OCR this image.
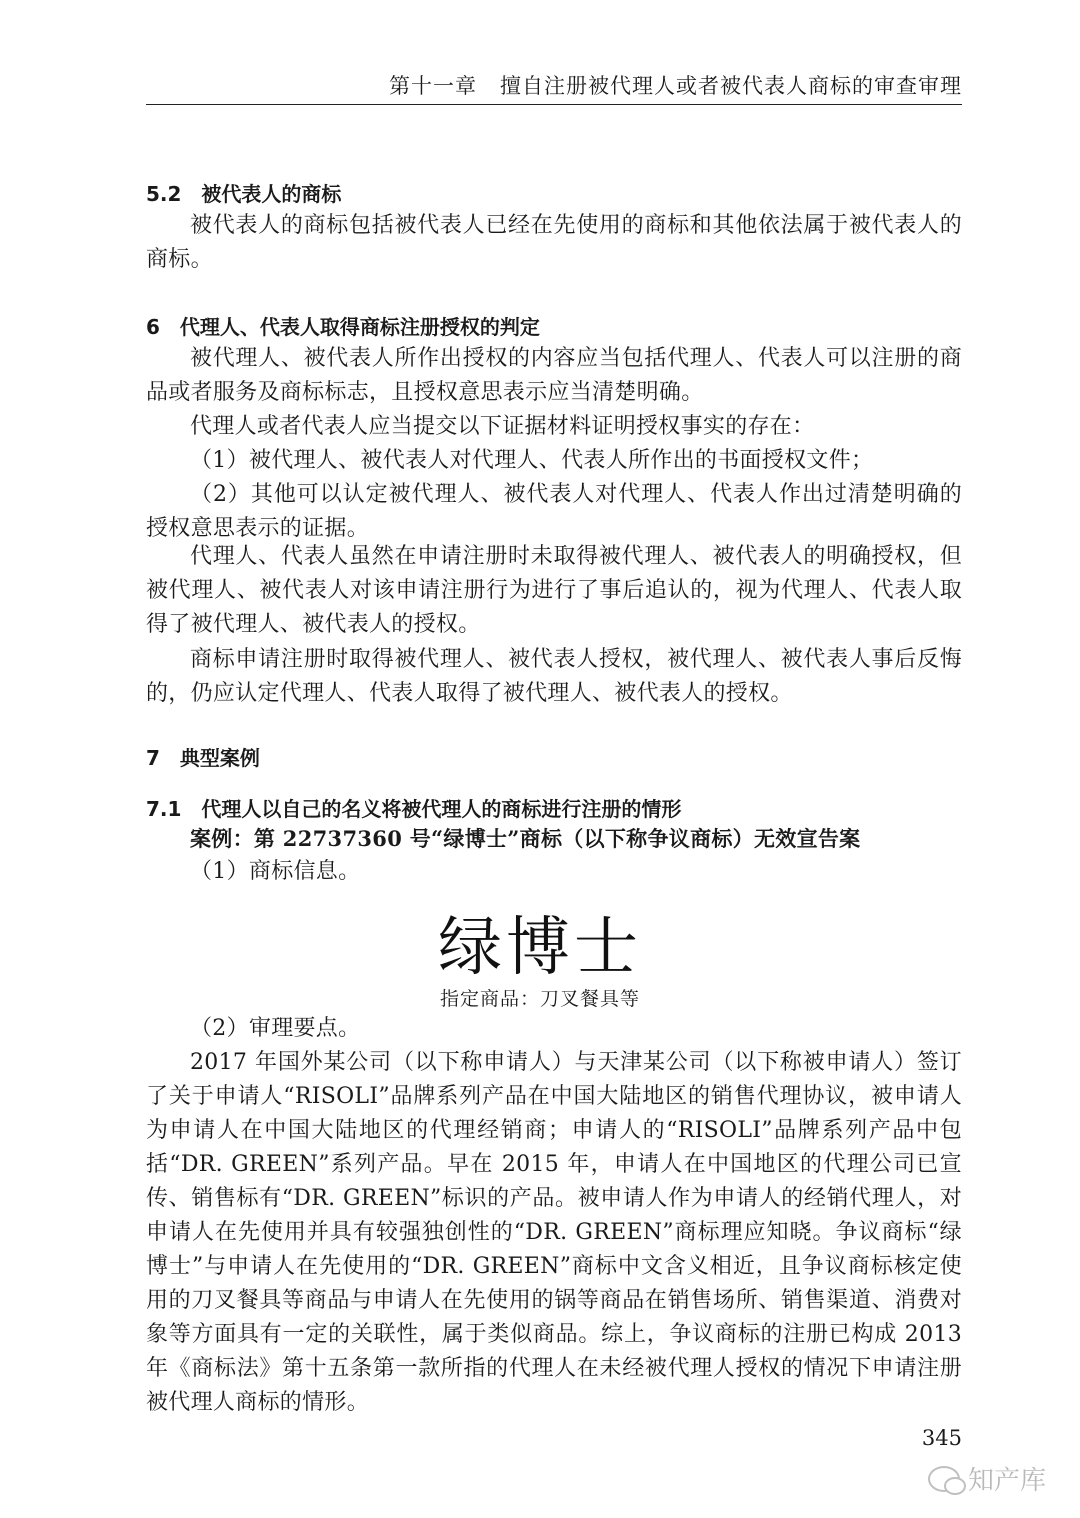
第十一章 擅自注册被代理人或者被代表人商标的审查审理
5.2　被代表人的商标

被代表人的商标包括被代表人已经在先使用的商标和其他依法属于被代表人的商标。

6　代理人、代表人取得商标注册授权的判定

被代理人、被代表人所作出授权的内容应当包括代理人、代表人可以注册的商品或者服务及商标标志，且授权意思表示应当清楚明确。

代理人或者代表人应当提交以下证据材料证明授权事实的存在：

（1）被代理人、被代表人对代理人、代表人所作出的书面授权文件；

（2）其他可以认定被代理人、被代表人对代理人、代表人作出过清楚明确的授权意思表示的证据。

代理人、代表人虽然在申请注册时未取得被代理人、被代表人的明确授权，但被代理人、被代表人对该申请注册行为进行了事后追认的，视为代理人、代表人取得了被代理人、被代表人的授权。

商标申请注册时取得被代理人、被代表人授权，被代理人、被代表人事后反悔的，仍应认定代理人、代表人取得了被代理人、被代表人的授权。

7　典型案例
7.1　代理人以自己的名义将被代理人的商标进行注册的情形

案例：第 22737360 号“绿博士”商标（以下称争议商标）无效宣告案

（1）商标信息。

绿博士
指定商品：刀叉餐具等

（2）审理要点。

2017 年国外某公司（以下称申请人）与天津某公司（以下称被申请人）签订了关于申请人“RISOLI”品牌系列产品在中国大陆地区的销售代理协议，被申请人为申请人在中国大陆地区的代理经销商；申请人的“RISOLI”品牌系列产品中包括“DR. GREEN”系列产品。早在 2015 年，申请人在中国地区的代理公司已宣传、销售标有“DR. GREEN”标识的产品。被申请人作为申请人的经销代理人，对申请人在先使用并具有较强独创性的“DR. GREEN”商标理应知晓。争议商标“绿博士”与申请人在先使用的“DR. GREEN”商标中文含义相近，且争议商标核定使用的刀叉餐具等商品与申请人在先使用的锅等商品在销售场所、销售渠道、消费对象等方面具有一定的关联性，属于类似商品。综上，争议商标的注册已构成 2013 年《商标法》第十五条第一款所指的代理人在未经被代理人授权的情况下申请注册被代理人商标的情形。

345
知产库
